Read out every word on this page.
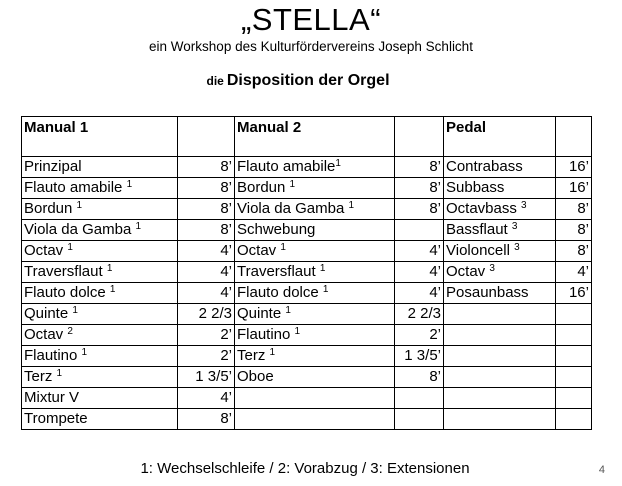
„STELLA“
ein Workshop des Kulturfördervereins Joseph Schlicht
die Disposition der Orgel
Manual 1		Manual 2		Pedal	
Prinzipal	8’	Flauto amabile$^1$	8’	Contrabass	16’
Flauto amabile $^1$	8’	Bordun $^1$	8’	Subbass	16’
Bordun $^1$	8’	Viola da Gamba $^1$	8’	Octavbass $^3$	8’
Viola da Gamba $^1$	8’	Schwebung		Bassflaut $^3$	8’
Octav $^1$	4’	Octav $^1$	4’	Violoncell $^3$	8’
Traversflaut $^1$	4’	Traversflaut $^1$	4’	Octav $^3$	4’
Flauto dolce $^1$	4’	Flauto dolce $^1$	4’	Posaunbass	16’
Quinte $^1$	2 2/3	Quinte $^1$	2 2/3		
Octav $^2$	2’	Flautino $^1$	2’		
Flautino $^1$	2’	Terz $^1$	1 3/5’		
Terz $^1$	1 3/5’	Oboe	8’		
Mixtur V	4’				
Trompete	8’				
1: Wechselschleife / 2: Vorabzug / 3: Extensionen	4
